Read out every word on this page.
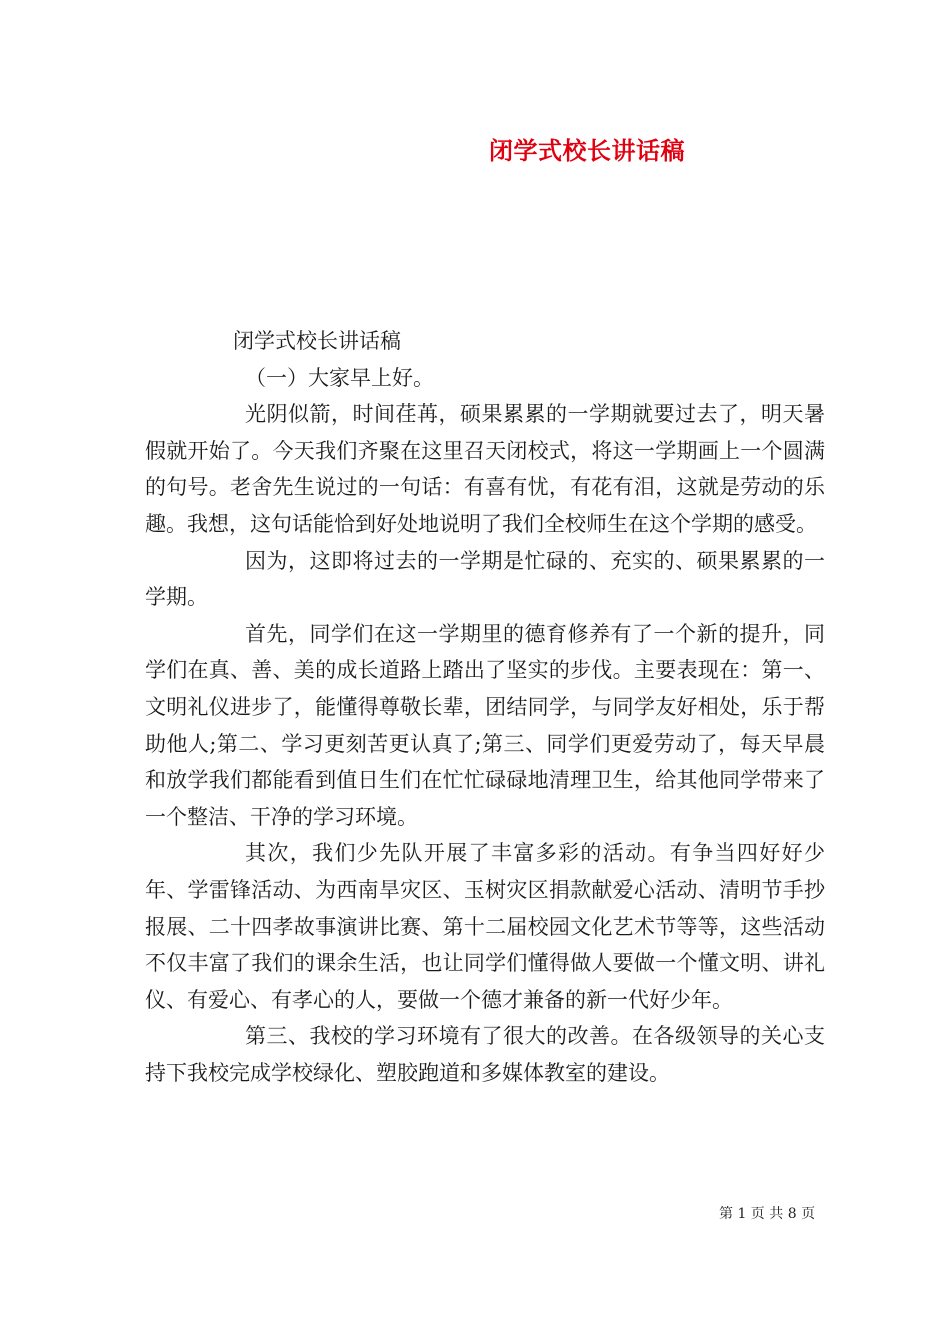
闭学式校长讲话稿

闭学式校长讲话稿

（一）大家早上好。

光阴似箭，时间荏苒，硕果累累的一学期就要过去了，明天暑假就开始了。今天我们齐聚在这里召天闭校式，将这一学期画上一个圆满的句号。老舍先生说过的一句话：有喜有忧，有花有泪，这就是劳动的乐趣。我想，这句话能恰到好处地说明了我们全校师生在这个学期的感受。

因为，这即将过去的一学期是忙碌的、充实的、硕果累累的一学期。

首先，同学们在这一学期里的德育修养有了一个新的提升，同学们在真、善、美的成长道路上踏出了坚实的步伐。主要表现在：第一、文明礼仪进步了，能懂得尊敬长辈，团结同学，与同学友好相处，乐于帮助他人;第二、学习更刻苦更认真了;第三、同学们更爱劳动了，每天早晨和放学我们都能看到值日生们在忙忙碌碌地清理卫生，给其他同学带来了一个整洁、干净的学习环境。

其次，我们少先队开展了丰富多彩的活动。有争当四好好少年、学雷锋活动、为西南旱灾区、玉树灾区捐款献爱心活动、清明节手抄报展、二十四孝故事演讲比赛、第十二届校园文化艺术节等等，这些活动不仅丰富了我们的课余生活，也让同学们懂得做人要做一个懂文明、讲礼仪、有爱心、有孝心的人，要做一个德才兼备的新一代好少年。

第三、我校的学习环境有了很大的改善。在各级领导的关心支持下我校完成学校绿化、塑胶跑道和多媒体教室的建设。

第 1 页 共 8 页
